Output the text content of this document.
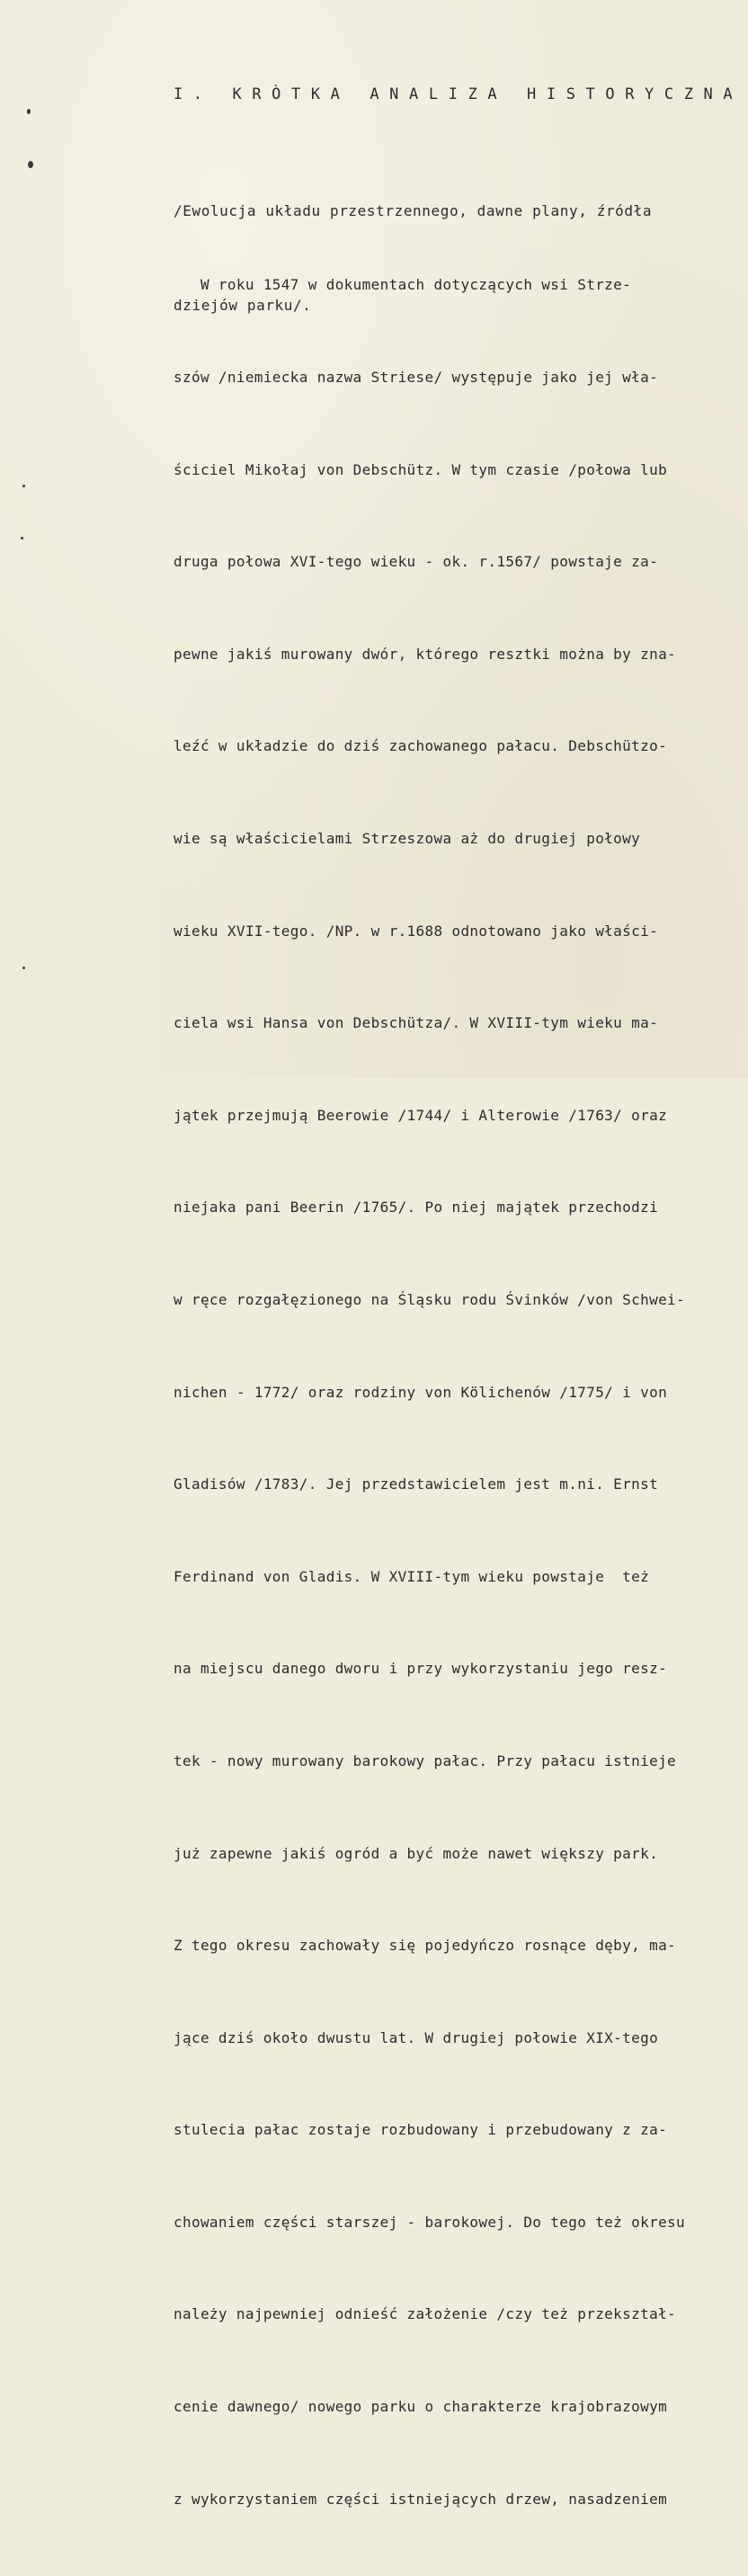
I. KRÒTKA ANALIZA HISTORYCZNA

/Ewolucja układu przestrzennego, dawne plany, źródła

dziejów parku/.

W roku 1547 w dokumentach dotyczących wsi Strze-

szów /niemiecka nazwa Striese/ występuje jako jej wła-

ściciel Mikołaj von Debschütz. W tym czasie /połowa lub

druga połowa XVI-tego wieku - ok. r.1567/ powstaje za-

pewne jakiś murowany dwór, którego resztki można by zna-

leźć w układzie do dziś zachowanego pałacu. Debschützo-

wie są właścicielami Strzeszowa aż do drugiej połowy

wieku XVII-tego. /NP. w r.1688 odnotowano jako właści-

ciela wsi Hansa von Debschütza/. W XVIII-tym wieku ma-

jątek przejmują Beerowie /1744/ i Alterowie /1763/ oraz

niejaka pani Beerin /1765/. Po niej majątek przechodzi

w ręce rozgałęzionego na Śląsku rodu Śvinków /von Schwei-

nichen - 1772/ oraz rodziny von Kölichenów /1775/ i von

Gladisów /1783/. Jej przedstawicielem jest m.ni. Ernst

Ferdinand von Gladis. W XVIII-tym wieku powstaje  też

na miejscu danego dworu i przy wykorzystaniu jego resz-

tek - nowy murowany barokowy pałac. Przy pałacu istnieje

już zapewne jakiś ogród a być może nawet większy park.

Z tego okresu zachowały się pojedyńczo rosnące dęby, ma-

jące dziś około dwustu lat. W drugiej połowie XIX-tego

stulecia pałac zostaje rozbudowany i przebudowany z za-

chowaniem części starszej - barokowej. Do tego też okresu

należy najpewniej odnieść założenie /czy też przekształ-

cenie dawnego/ nowego parku o charakterze krajobrazowym

z wykorzystaniem części istniejących drzew, nasadzeniem
